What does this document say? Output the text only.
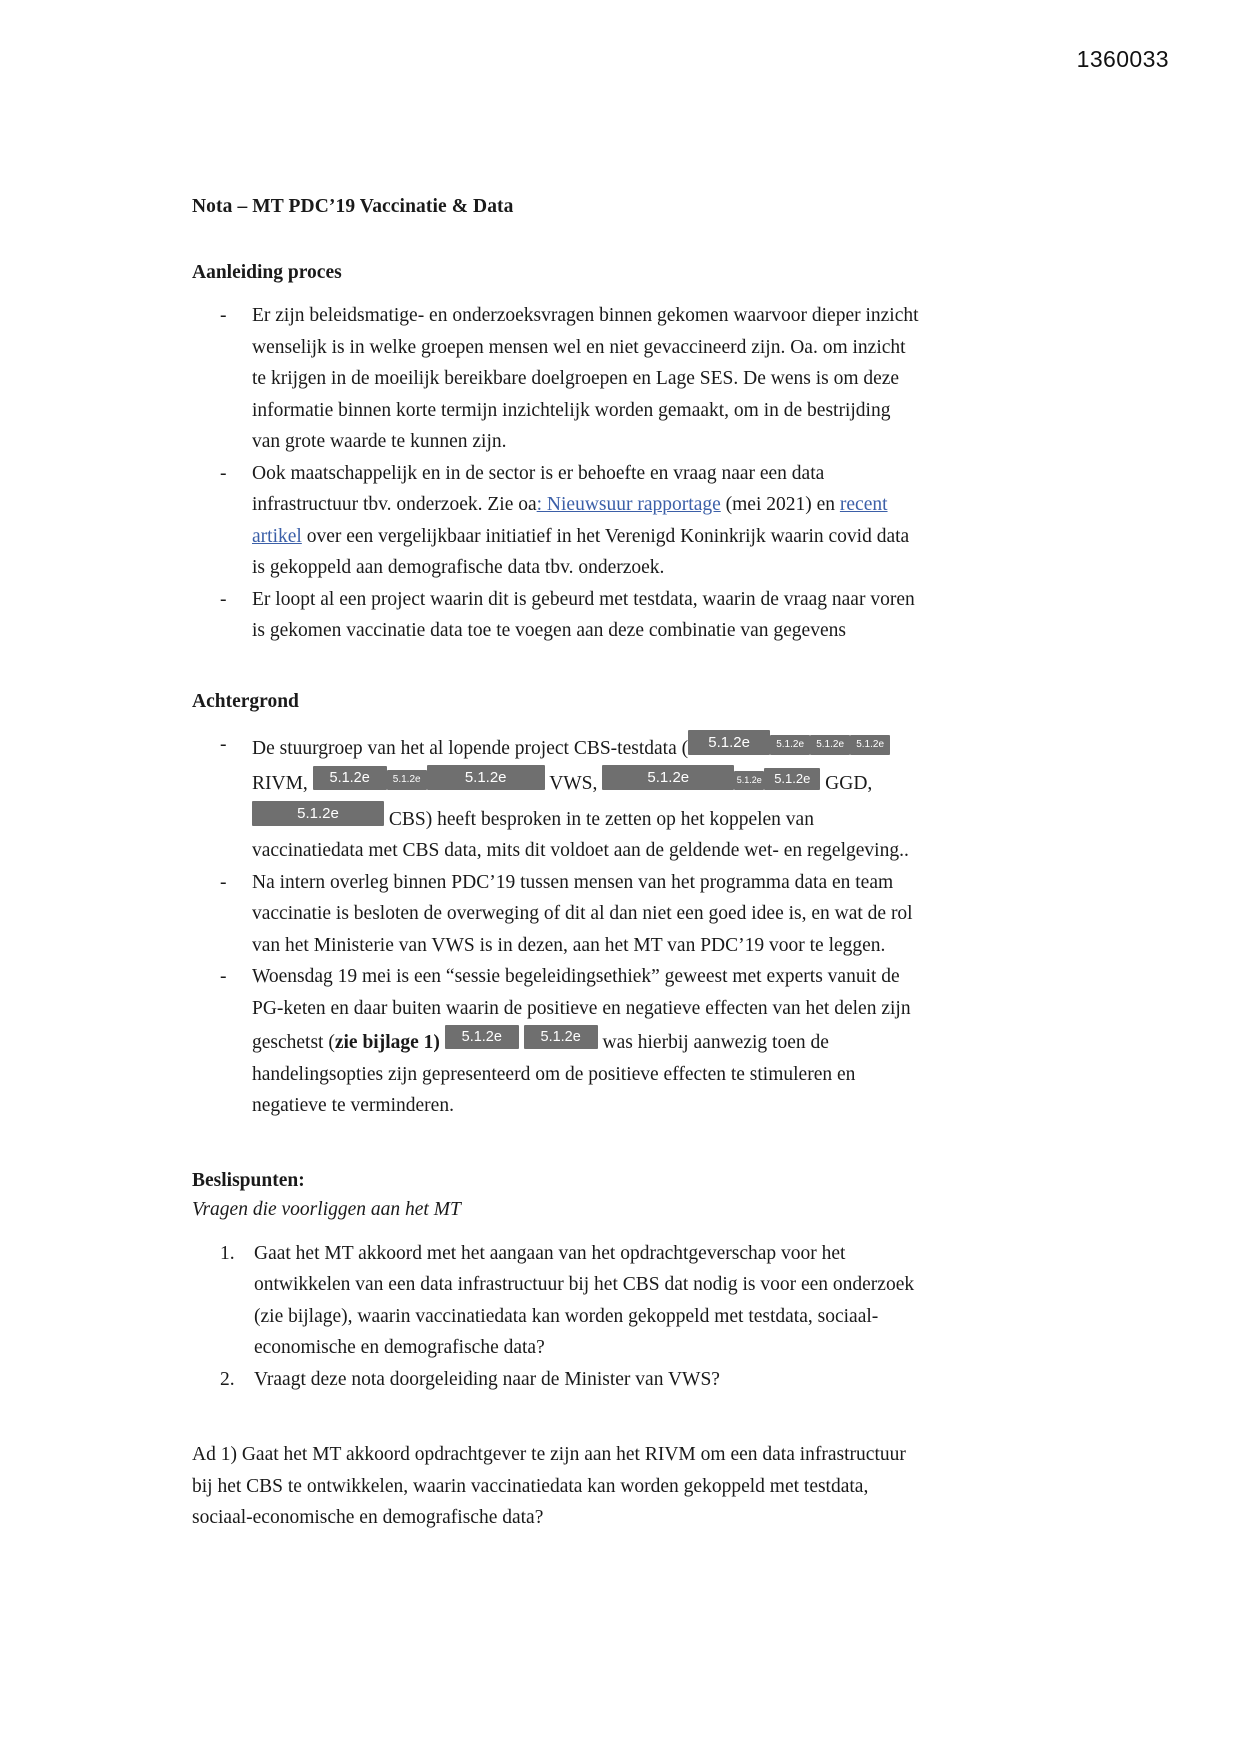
1360033
Nota – MT PDC’19 Vaccinatie & Data
Aanleiding proces
- Er zijn beleidsmatige- en onderzoeksvragen binnen gekomen waarvoor dieper inzicht wenselijk is in welke groepen mensen wel en niet gevaccineerd zijn. Oa. om inzicht te krijgen in de moeilijk bereikbare doelgroepen en Lage SES. De wens is om deze informatie binnen korte termijn inzichtelijk worden gemaakt, om in de bestrijding van grote waarde te kunnen zijn.
- Ook maatschappelijk en in de sector is er behoefte en vraag naar een data infrastructuur tbv. onderzoek. Zie oa: Nieuwsuur rapportage (mei 2021) en recent artikel over een vergelijkbaar initiatief in het Verenigd Koninkrijk waarin covid data is gekoppeld aan demografische data tbv. onderzoek.
- Er loopt al een project waarin dit is gebeurd met testdata, waarin de vraag naar voren is gekomen vaccinatie data toe te voegen aan deze combinatie van gegevens
Achtergrond
- De stuurgroep van het al lopende project CBS-testdata ( 5.1.2e	5.1.2e 5.1.2e 5.1.2e RIVM, 5.1.2e 5.1.2e	5.1.2e VWS,	5.1.2e	5.1.2e 5.1.2e GGD, 5.1.2e CBS) heeft besproken in te zetten op het koppelen van vaccinatiedata met CBS data, mits dit voldoet aan de geldende wet- en regelgeving..
- Na intern overleg binnen PDC’19 tussen mensen van het programma data en team vaccinatie is besloten de overweging of dit al dan niet een goed idee is, en wat de rol van het Ministerie van VWS is in dezen, aan het MT van PDC’19 voor te leggen.
- Woensdag 19 mei is een “sessie begeleidingsethiek” geweest met experts vanuit de PG-keten en daar buiten waarin de positieve en negatieve effecten van het delen zijn geschetst (zie bijlage 1) 5.1.2e	5.1.2e was hierbij aanwezig toen de handelingsopties zijn gepresenteerd om de positieve effecten te stimuleren en negatieve te verminderen.

Beslispunten:

Vragen die voorliggen aan het MT

Gaat het MT akkoord met het aangaan van het opdrachtgeverschap voor het ontwikkelen van een data infrastructuur bij het CBS dat nodig is voor een onderzoek (zie bijlage), waarin vaccinatiedata kan worden gekoppeld met testdata, sociaal-economische en demografische data?
Vraagt deze nota doorgeleiding naar de Minister van VWS?

Ad 1) Gaat het MT akkoord opdrachtgever te zijn aan het RIVM om een data infrastructuur bij het CBS te ontwikkelen, waarin vaccinatiedata kan worden gekoppeld met testdata, sociaal-economische en demografische data?
